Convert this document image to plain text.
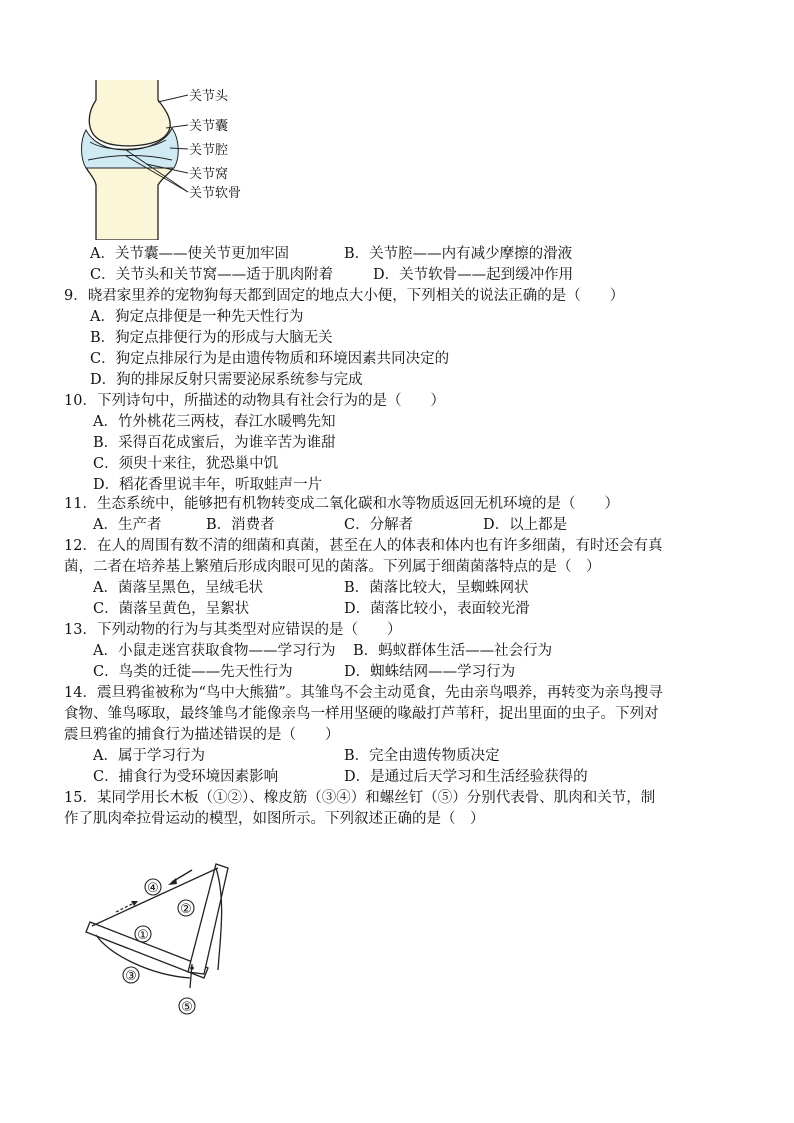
关节头
关节囊
关节腔
关节窝
关节软骨
A．关节囊——使关节更加牢固	B．关节腔——内有减少摩擦的滑液
C．关节头和关节窝——适于肌肉附着	D．关节软骨——起到缓冲作用
9．晓君家里养的宠物狗每天都到固定的地点大小便，下列相关的说法正确的是（　　）
A．狗定点排便是一种先天性行为
B．狗定点排便行为的形成与大脑无关
C．狗定点排尿行为是由遗传物质和环境因素共同决定的
D．狗的排尿反射只需要泌尿系统参与完成
10．下列诗句中，所描述的动物具有社会行为的是（　　）
A．竹外桃花三两枝，春江水暖鸭先知
B．采得百花成蜜后，为谁辛苦为谁甜
C．须臾十来往，犹恐巢中饥
D．稻花香里说丰年，听取蛙声一片
11．生态系统中，能够把有机物转变成二氧化碳和水等物质返回无机环境的是（　　）
A．生产者	B．消费者	C．分解者	D．以上都是
12．在人的周围有数不清的细菌和真菌，甚至在人的体表和体内也有许多细菌，有时还会有真
菌，二者在培养基上繁殖后形成肉眼可见的菌落。下列属于细菌菌落特点的是（　）
A．菌落呈黑色，呈绒毛状	B．菌落比较大，呈蜘蛛网状
C．菌落呈黄色，呈絮状	D．菌落比较小，表面较光滑
13．下列动物的行为与其类型对应错误的是（　　）
A．小鼠走迷宫获取食物——学习行为 B．蚂蚁群体生活——社会行为
C．鸟类的迁徙——先天性行为	D．蜘蛛结网——学习行为
14．震旦鸦雀被称为“鸟中大熊猫”。其雏鸟不会主动觅食，先由亲鸟喂养，再转变为亲鸟搜寻
食物、雏鸟啄取，最终雏鸟才能像亲鸟一样用坚硬的喙敲打芦苇秆，捉出里面的虫子。下列对
震旦鸦雀的捕食行为描述错误的是（　　）
A．属于学习行为	B．完全由遗传物质决定
C．捕食行为受环境因素影响	D．是通过后天学习和生活经验获得的
15．某同学用长木板（①②）、橡皮筋（③④）和螺丝钉（⑤）分别代表骨、肌肉和关节，制
作了肌肉牵拉骨运动的模型，如图所示。下列叙述正确的是（　）
④
②
①
③
⑤
